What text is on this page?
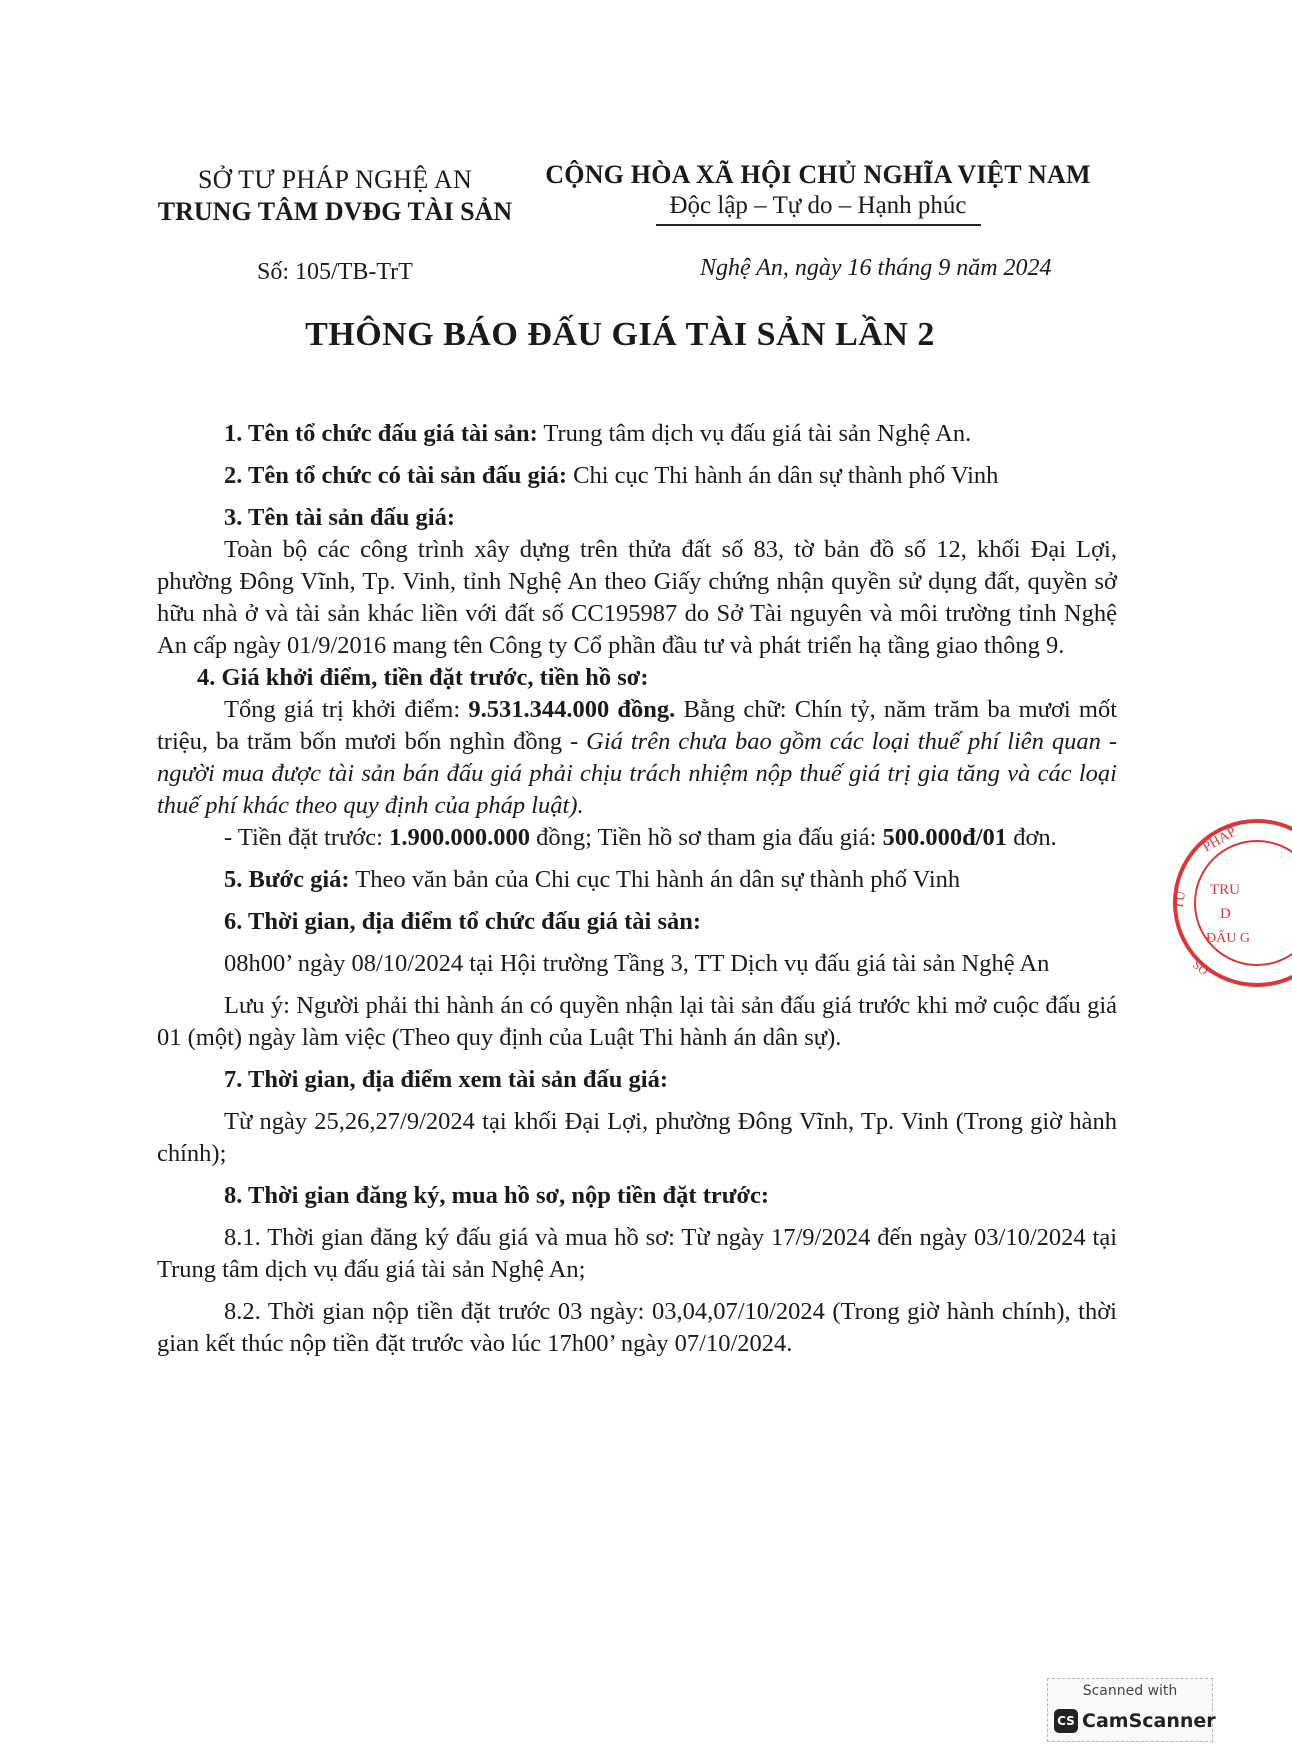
SỞ TƯ PHÁP NGHỆ AN
TRUNG TÂM DVĐG TÀI SẢN
CỘNG HÒA XÃ HỘI CHỦ NGHĨA VIỆT NAM
Độc lập – Tự do – Hạnh phúc
Số: 105/TB-TrT	Nghệ An, ngày 16 tháng 9 năm 2024
THÔNG BÁO ĐẤU GIÁ TÀI SẢN LẦN 2

1. Tên tổ chức đấu giá tài sản: Trung tâm dịch vụ đấu giá tài sản Nghệ An.

2. Tên tổ chức có tài sản đấu giá: Chi cục Thi hành án dân sự thành phố Vinh

3. Tên tài sản đấu giá:

Toàn bộ các công trình xây dựng trên thửa đất số 83, tờ bản đồ số 12, khối Đại Lợi, phường Đông Vĩnh, Tp. Vinh, tỉnh Nghệ An theo Giấy chứng nhận quyền sử dụng đất, quyền sở hữu nhà ở và tài sản khác liền với đất số CC195987 do Sở Tài nguyên và môi trường tỉnh Nghệ An cấp ngày 01/9/2016 mang tên Công ty Cổ phần đầu tư và phát triển hạ tầng giao thông 9.

4. Giá khởi điểm, tiền đặt trước, tiền hồ sơ:

Tổng giá trị khởi điểm: 9.531.344.000 đồng. Bằng chữ: Chín tỷ, năm trăm ba mươi mốt triệu, ba trăm bốn mươi bốn nghìn đồng - Giá trên chưa bao gồm các loại thuế phí liên quan - người mua được tài sản bán đấu giá phải chịu trách nhiệm nộp thuế giá trị gia tăng và các loại thuế phí khác theo quy định của pháp luật).

- Tiền đặt trước: 1.900.000.000 đồng; Tiền hồ sơ tham gia đấu giá: 500.000đ/01 đơn.

5. Bước giá: Theo văn bản của Chi cục Thi hành án dân sự thành phố Vinh

6. Thời gian, địa điểm tổ chức đấu giá tài sản:

08h00’ ngày 08/10/2024 tại Hội trường Tầng 3, TT Dịch vụ đấu giá tài sản Nghệ An

Lưu ý: Người phải thi hành án có quyền nhận lại tài sản đấu giá trước khi mở cuộc đấu giá 01 (một) ngày làm việc (Theo quy định của Luật Thi hành án dân sự).

7. Thời gian, địa điểm xem tài sản đấu giá:

Từ ngày 25,26,27/9/2024 tại khối Đại Lợi, phường Đông Vĩnh, Tp. Vinh (Trong giờ hành chính);

8. Thời gian đăng ký, mua hồ sơ, nộp tiền đặt trước:

8.1. Thời gian đăng ký đấu giá và mua hồ sơ: Từ ngày 17/9/2024 đến ngày 03/10/2024 tại Trung tâm dịch vụ đấu giá tài sản Nghệ An;

8.2. Thời gian nộp tiền đặt trước 03 ngày: 03,04,07/10/2024 (Trong giờ hành chính), thời gian kết thúc nộp tiền đặt trước vào lúc 17h00’ ngày 07/10/2024.

PHÁP
TƯ TRU
D
ĐẤU G
SỞ
Scanned with
CS CamScanner
